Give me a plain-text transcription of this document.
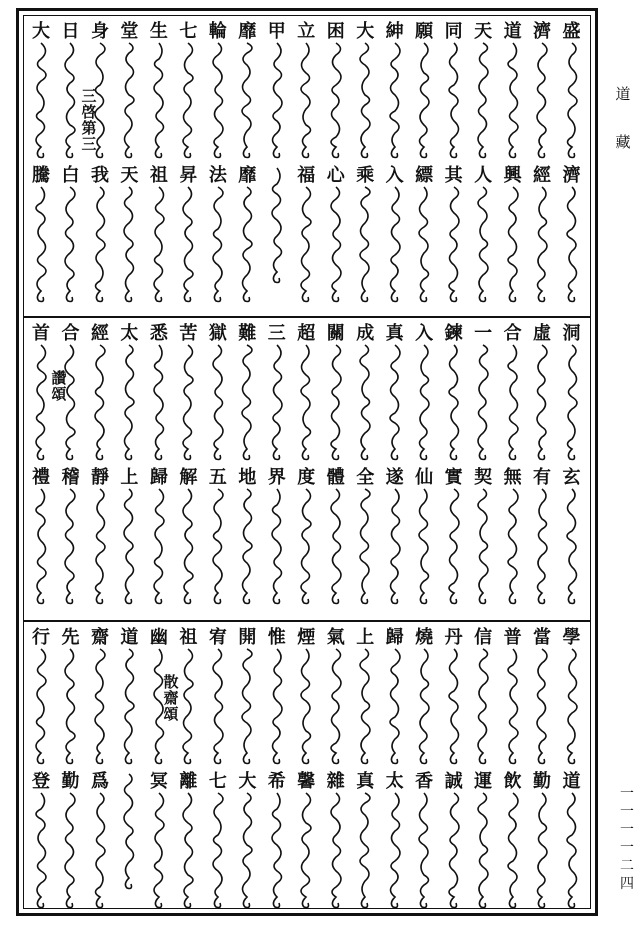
道
藏
一一一一二四
盛
濟
濟
經
道
興
天
人
同
其
願
縹
紳
入
大
乘
困
心
立
福
甲
靡
靡
輪
法
七
昇
生
祖
堂
天
身
我
日
白
大
騰
三啓第三
洞
玄
虛
有
合
無
一
契
鍊
實
入
仙
真
遂
成
全
關
體
超
度
三
界
難
地
獄
五
苦
解
悉
歸
太
上
經
靜
合
稽
首
禮
讚頌
學
道
當
勤
普
飲
信
運
丹
誠
燒
香
歸
太
上
真
氣
雜
煙
馨
惟
希
開
大
宥
七
祖
離
幽
冥
道
齋
爲
先
勤
行
登
散齋頌
